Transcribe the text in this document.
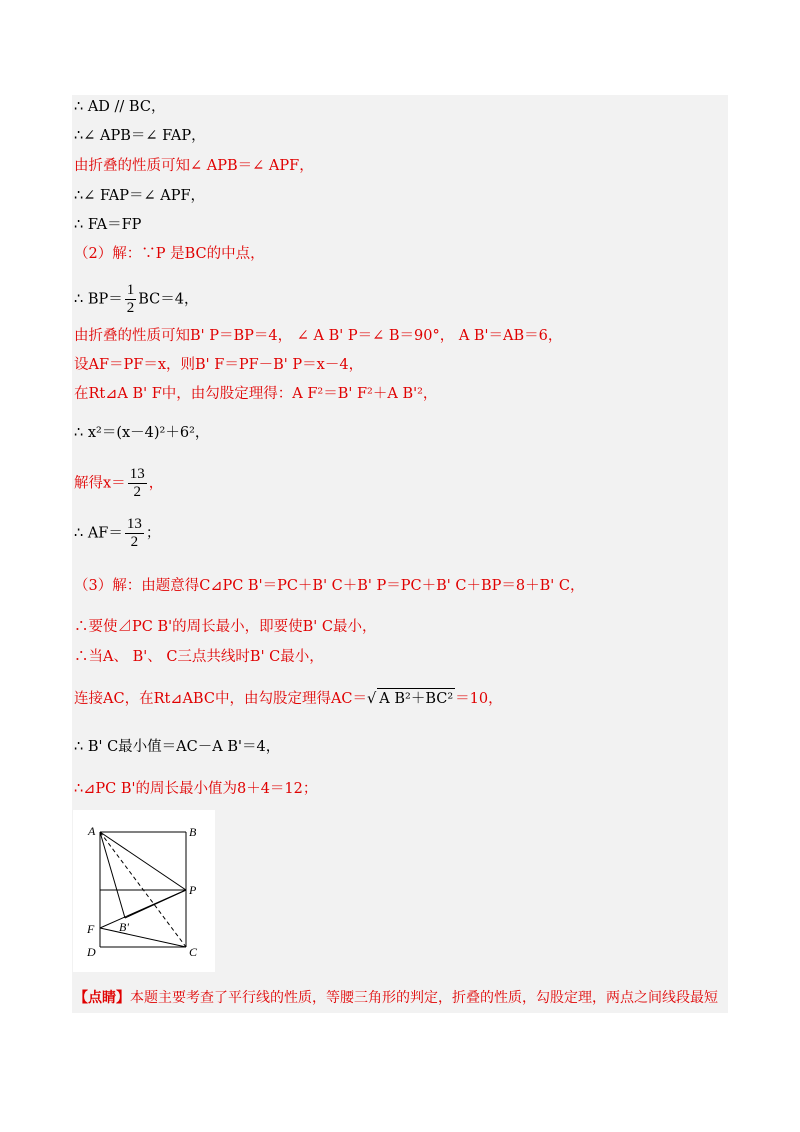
∴ AD // BC，
∴∠ APB＝∠ FAP，
由折叠的性质可知∠ APB＝∠ APF，
∴∠ FAP＝∠ APF，
∴ FA＝FP
（2）解：∵P 是BC的中点，
∴ $BP= \frac{1}{2} BC=4$，
由折叠的性质可知B' P＝BP＝4， ∠ A B' P＝∠ B＝90°， A B'＝AB＝6，
设AF＝PF＝x，则B' F＝PF－B' P＝x－4，
在Rt⊿A B' F中，由勾股定理得：A F²＝B' F²＋A B'²，
∴ x²＝(x－4)²＋6²，
解得$x= \frac{13}{2}$ ，
∴ $AF= \frac{13}{2}$ ；
（3）解：由题意得C⊿PC B'＝PC＋B' C＋B' P＝PC＋B' C＋BP＝8＋B' C，
∴要使⊿PC B'的周长最小，即要使B' C最小，
∴当A、 B'、 C三点共线时B' C最小，
连接AC，在Rt⊿ABC中，由勾股定理得AC＝√ A B²＋BC² ＝10，
∴ B' C最小值＝AC－A B'＝4，
∴⊿PC B'的周长最小值为8＋4＝12；
A	B
P
F B'
D	C
【点睛】本题主要考查了平行线的性质，等腰三角形的判定，折叠的性质，勾股定理，两点之间线段最短
